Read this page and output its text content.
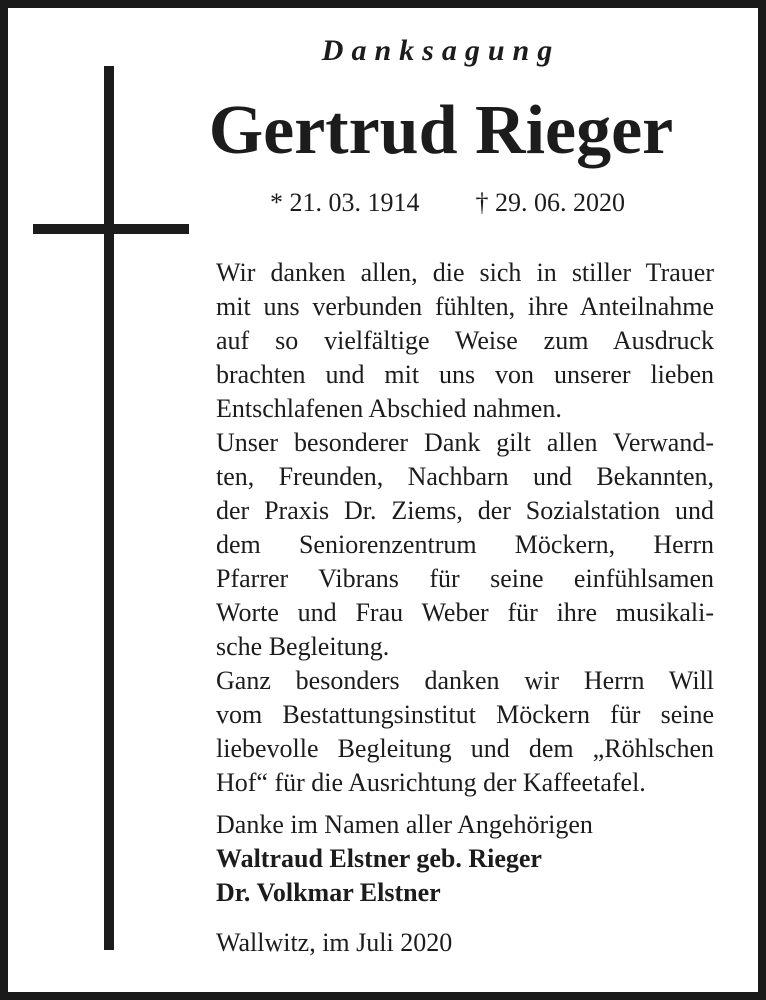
Danksagung
Gertrud Rieger
* 21. 03. 1914 † 29. 06. 2020
Wir danken allen, die sich in stiller Trauer
mit uns verbunden fühlten, ihre Anteilnahme
auf so vielfältige Weise zum Ausdruck
brachten und mit uns von unserer lieben
Entschlafenen Abschied nahmen.
Unser besonderer Dank gilt allen Verwand-
ten, Freunden, Nachbarn und Bekannten,
der Praxis Dr. Ziems, der Sozialstation und
dem Seniorenzentrum Möckern, Herrn
Pfarrer Vibrans für seine einfühlsamen
Worte und Frau Weber für ihre musikali-
sche Begleitung.
Ganz besonders danken wir Herrn Will
vom Bestattungsinstitut Möckern für seine
liebevolle Begleitung und dem „Röhlschen
Hof“ für die Ausrichtung der Kaffeetafel.
Danke im Namen aller Angehörigen
Waltraud Elstner geb. Rieger
Dr. Volkmar Elstner
Wallwitz, im Juli 2020
